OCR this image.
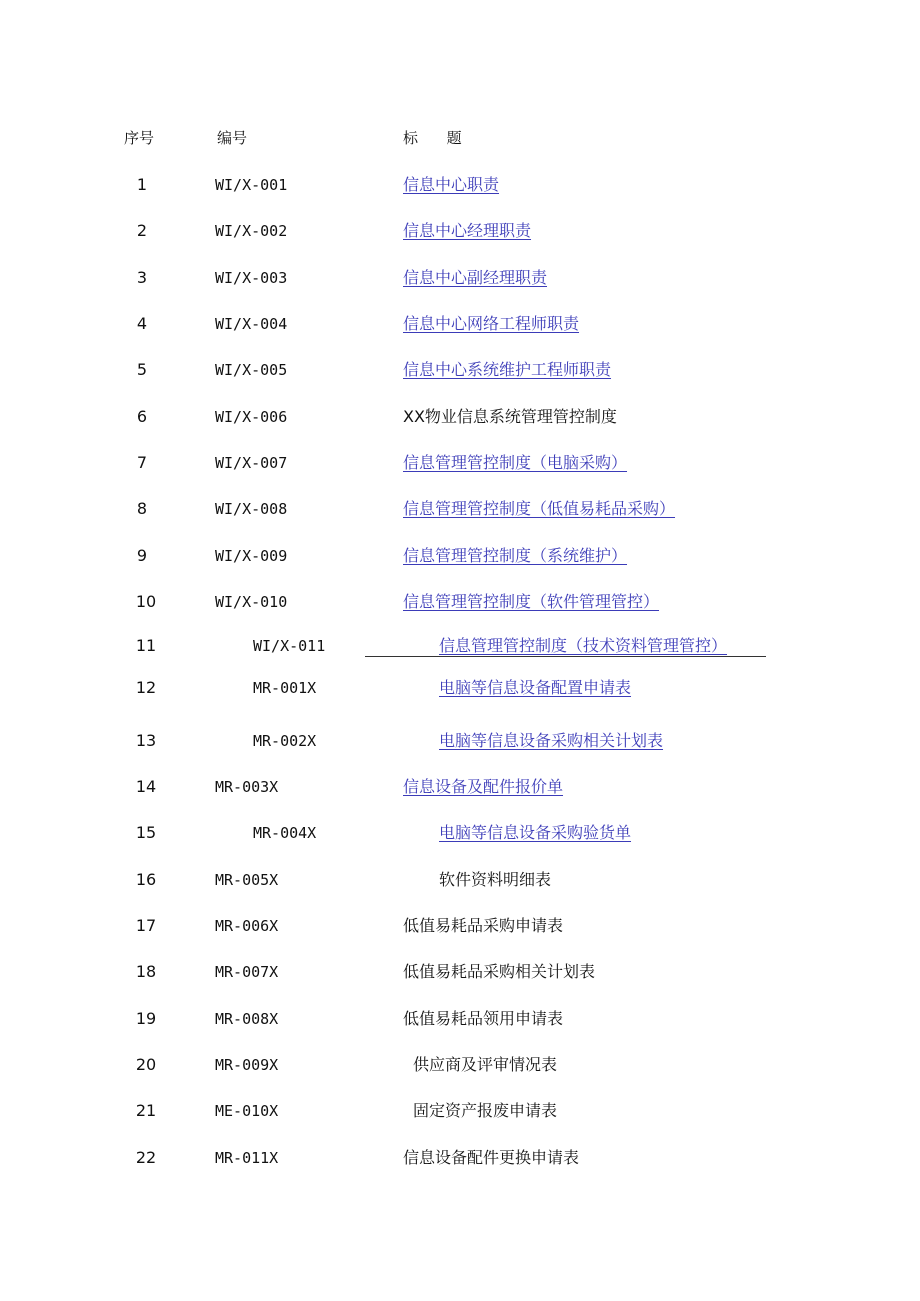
序号	编号	标      题
1	WI/X-001	信息中心职责
2	WI/X-002	信息中心经理职责
3	WI/X-003	信息中心副经理职责
4	WI/X-004	信息中心网络工程师职责
5	WI/X-005	信息中心系统维护工程师职责
6	WI/X-006	XX物业信息系统管理管控制度
7	WI/X-007	信息管理管控制度（电脑采购）
8	WI/X-008	信息管理管控制度（低值易耗品采购）
9	WI/X-009	信息管理管控制度（系统维护）
10	WI/X-010	信息管理管控制度（软件管理管控）
11	WI/X-011	信息管理管控制度（技术资料管理管控）
12	MR-001X	电脑等信息设备配置申请表
13	MR-002X	电脑等信息设备采购相关计划表
14	MR-003X	信息设备及配件报价单
15	MR-004X	电脑等信息设备采购验货单
16	MR-005X	软件资料明细表
17	MR-006X	低值易耗品采购申请表
18	MR-007X	低值易耗品采购相关计划表
19	MR-008X	低值易耗品领用申请表
20	MR-009X	供应商及评审情况表
21	ME-010X	固定资产报废申请表
22	MR-011X	信息设备配件更换申请表
